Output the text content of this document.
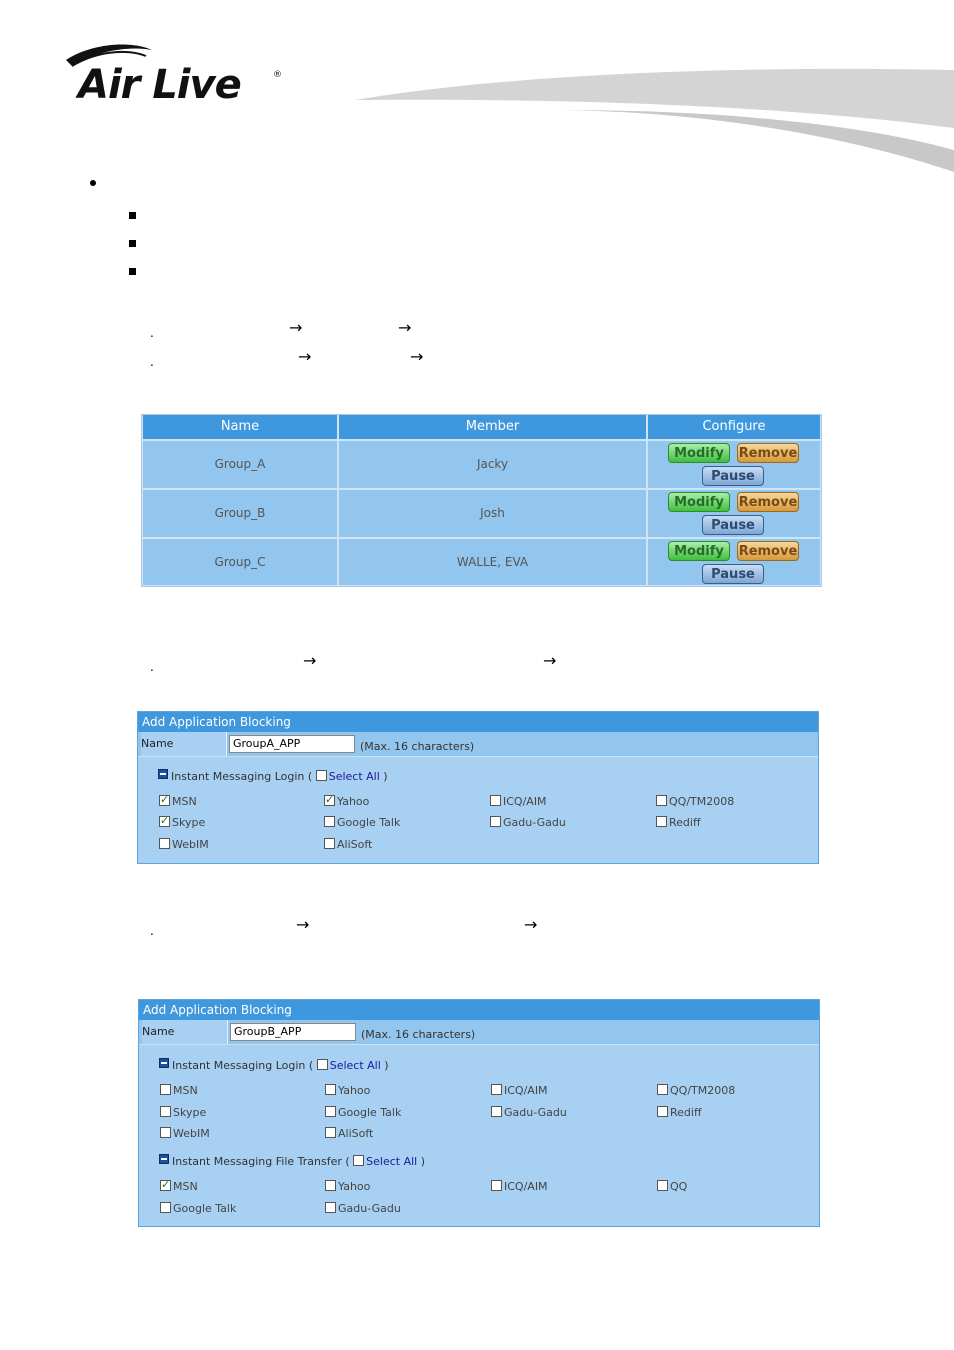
Air Live	®
.	→	→
.	→	→
Name	Member	Configure
Group_A	Jacky
Modify	Remove
Pause
Group_B	Josh
Modify	Remove
Pause
Group_C	WALLE, EVA
Modify	Remove
Pause
.	→	→
Add Application Blocking
Name	GroupA_APP	(Max. 16 characters)
Instant Messaging Login ( Select All )
✓MSN
✓	Yahoo	ICQ/AIM	QQ/TM2008
✓Skype	Google Talk	Gadu-Gadu	Rediff
WebIM	AliSoft
.	→	→
Add Application Blocking
Name	GroupB_APP	(Max. 16 characters)
Instant Messaging Login ( Select All )
MSN	Yahoo	ICQ/AIM	QQ/TM2008
Skype	Google Talk	Gadu-Gadu	Rediff
WebIM	AliSoft
Instant Messaging File Transfer ( Select All )
✓MSN	Yahoo	ICQ/AIM	QQ
Google Talk	Gadu-Gadu
